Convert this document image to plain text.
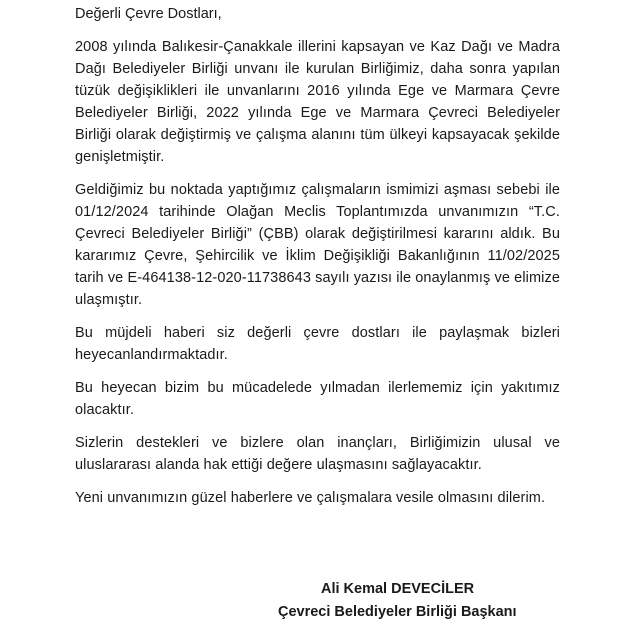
Değerli Çevre Dostları,

2008 yılında Balıkesir-Çanakkale illerini kapsayan ve Kaz Dağı ve Madra Dağı Belediyeler Birliği unvanı ile kurulan Birliğimiz, daha sonra yapılan tüzük değişiklikleri ile unvanlarını 2016 yılında Ege ve Marmara Çevre Belediyeler Birliği, 2022 yılında Ege ve Marmara Çevreci Belediyeler Birliği olarak değiştirmiş ve çalışma alanını tüm ülkeyi kapsayacak şekilde genişletmiştir.

Geldiğimiz bu noktada yaptığımız çalışmaların ismimizi aşması sebebi ile 01/12/2024 tarihinde Olağan Meclis Toplantımızda unvanımızın “T.C. Çevreci Belediyeler Birliği” (ÇBB) olarak değiştirilmesi kararını aldık. Bu kararımız Çevre, Şehircilik ve İklim Değişikliği Bakanlığının 11/02/2025 tarih ve E-464138-12-020-11738643 sayılı yazısı ile onaylanmış ve elimize ulaşmıştır.

Bu müjdeli haberi siz değerli çevre dostları ile paylaşmak bizleri heyecanlandırmaktadır.

Bu heyecan bizim bu mücadelede yılmadan ilerlememiz için yakıtımız olacaktır.

Sizlerin destekleri ve bizlere olan inançları, Birliğimizin ulusal ve uluslararası alanda hak ettiği değere ulaşmasını sağlayacaktır.

Yeni unvanımızın güzel haberlere ve çalışmalara vesile olmasını dilerim.

Ali Kemal DEVECİLER
Çevreci Belediyeler Birliği Başkanı
